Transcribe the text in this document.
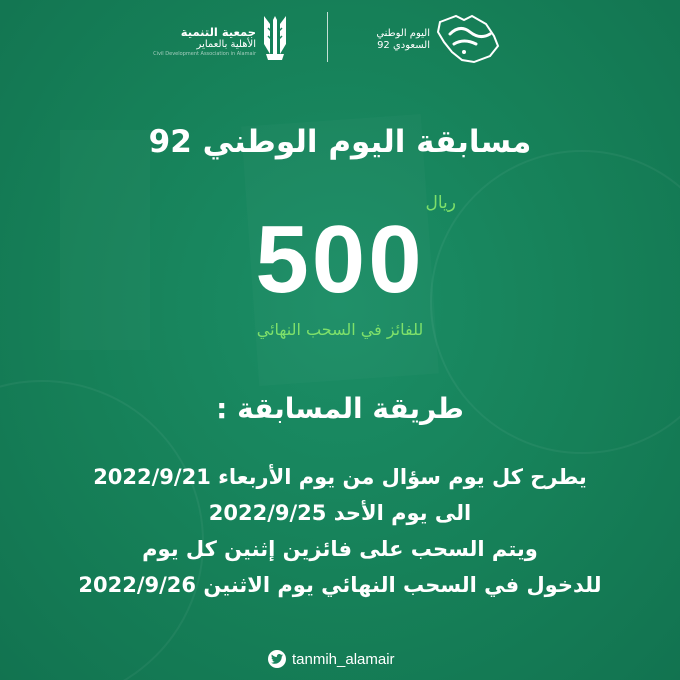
جمعية التنمية
الأهلية بالعماير
Civil Development Association in Alamair
اليوم الوطني
السعودي 92
مسابقة اليوم الوطني 92
ريال
500
للفائز في السحب النهائي
طريقة المسابقة :
يطرح كل يوم سؤال من يوم الأربعاء 2022/9/21
الى يوم الأحد 2022/9/25
ويتم السحب على فائزين إثنين كل يوم
للدخول في السحب النهائي يوم الاثنين 2022/9/26
tanmih_alamair
